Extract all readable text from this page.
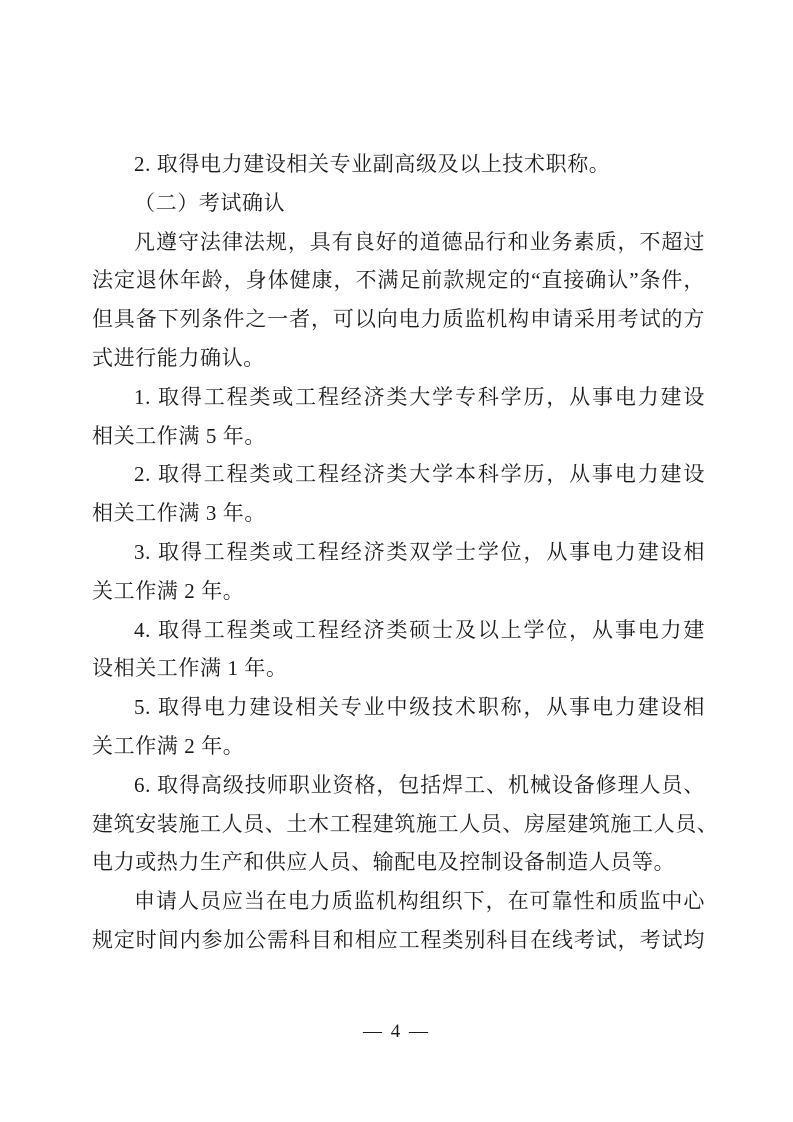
2. 取得电力建设相关专业副高级及以上技术职称。

（二）考试确认

凡遵守法律法规，具有良好的道德品行和业务素质，不超过

法定退休年龄，身体健康，不满足前款规定的“直接确认”条件，

但具备下列条件之一者，可以向电力质监机构申请采用考试的方

式进行能力确认。

1. 取得工程类或工程经济类大学专科学历，从事电力建设

相关工作满 5 年。

2. 取得工程类或工程经济类大学本科学历，从事电力建设

相关工作满 3 年。

3. 取得工程类或工程经济类双学士学位，从事电力建设相

关工作满 2 年。

4. 取得工程类或工程经济类硕士及以上学位，从事电力建

设相关工作满 1 年。

5. 取得电力建设相关专业中级技术职称，从事电力建设相

关工作满 2 年。

6. 取得高级技师职业资格，包括焊工、机械设备修理人员、

建筑安装施工人员、土木工程建筑施工人员、房屋建筑施工人员、

电力或热力生产和供应人员、输配电及控制设备制造人员等。

申请人员应当在电力质监机构组织下，在可靠性和质监中心

规定时间内参加公需科目和相应工程类别科目在线考试，考试均

— 4 —
